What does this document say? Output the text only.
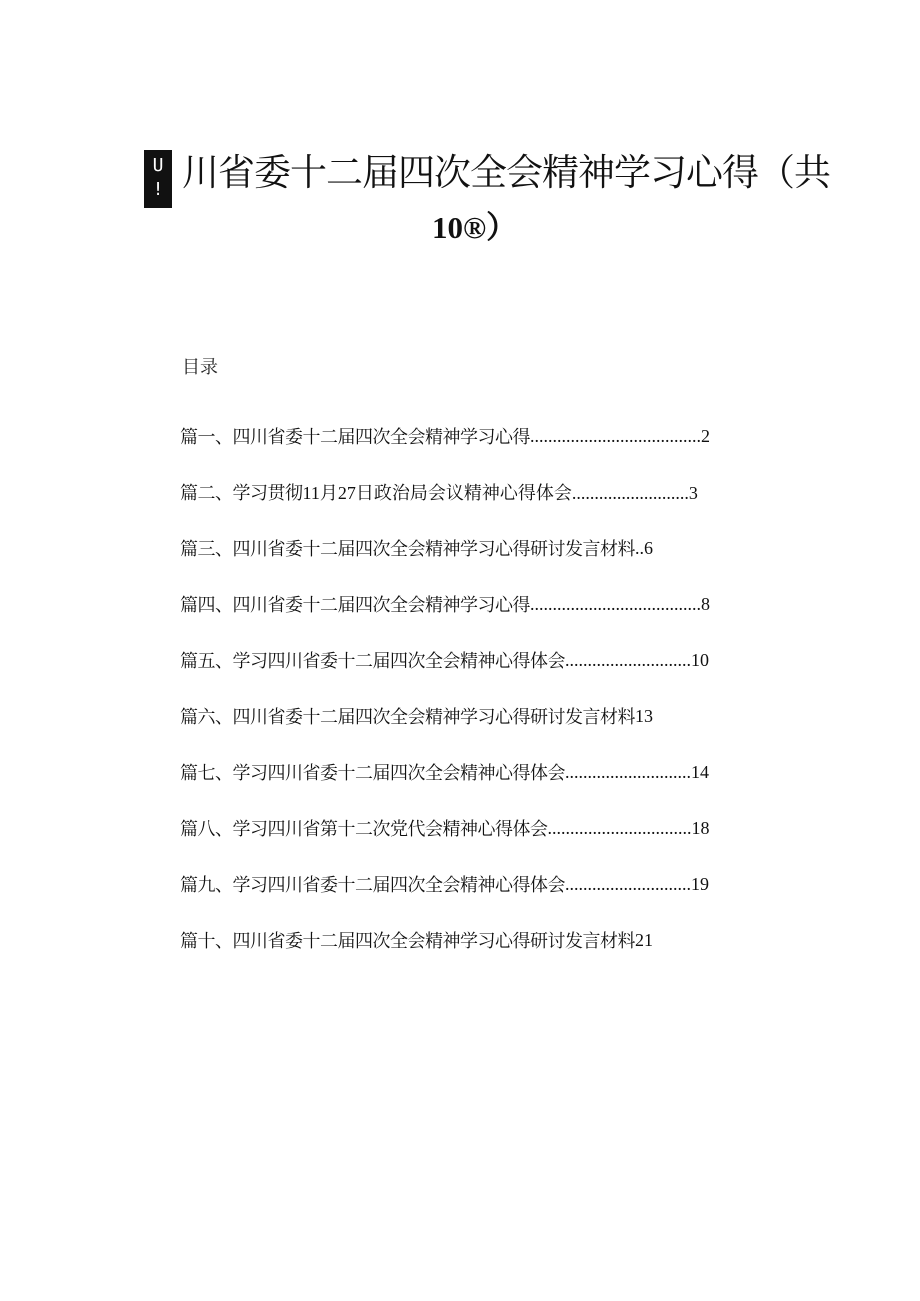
U
! 川省委十二届四次全会精神学习心得（共
10®）
目录
篇一、四川省委十二届四次全会精神学习心得 ......................................2
篇二、学习贯彻 11月27日政治局会议精神心得体会..........................3
篇三、四川省委十二届四次全会精神学习心得研讨发言材料 ..6
篇四、四川省委十二届四次全会精神学习心得 ......................................8
篇五、学习四川省委十二届四次全会精神心得体会 ............................10
篇六、四川省委十二届四次全会精神学习心得研讨发言材料 13
篇七、学习四川省委十二届四次全会精神心得体会 ............................14
篇八、学习四川省第十二次党代会精神心得体会 ................................18
篇九、学习四川省委十二届四次全会精神心得体会 ............................19
篇十、四川省委十二届四次全会精神学习心得研讨发言材料 21
